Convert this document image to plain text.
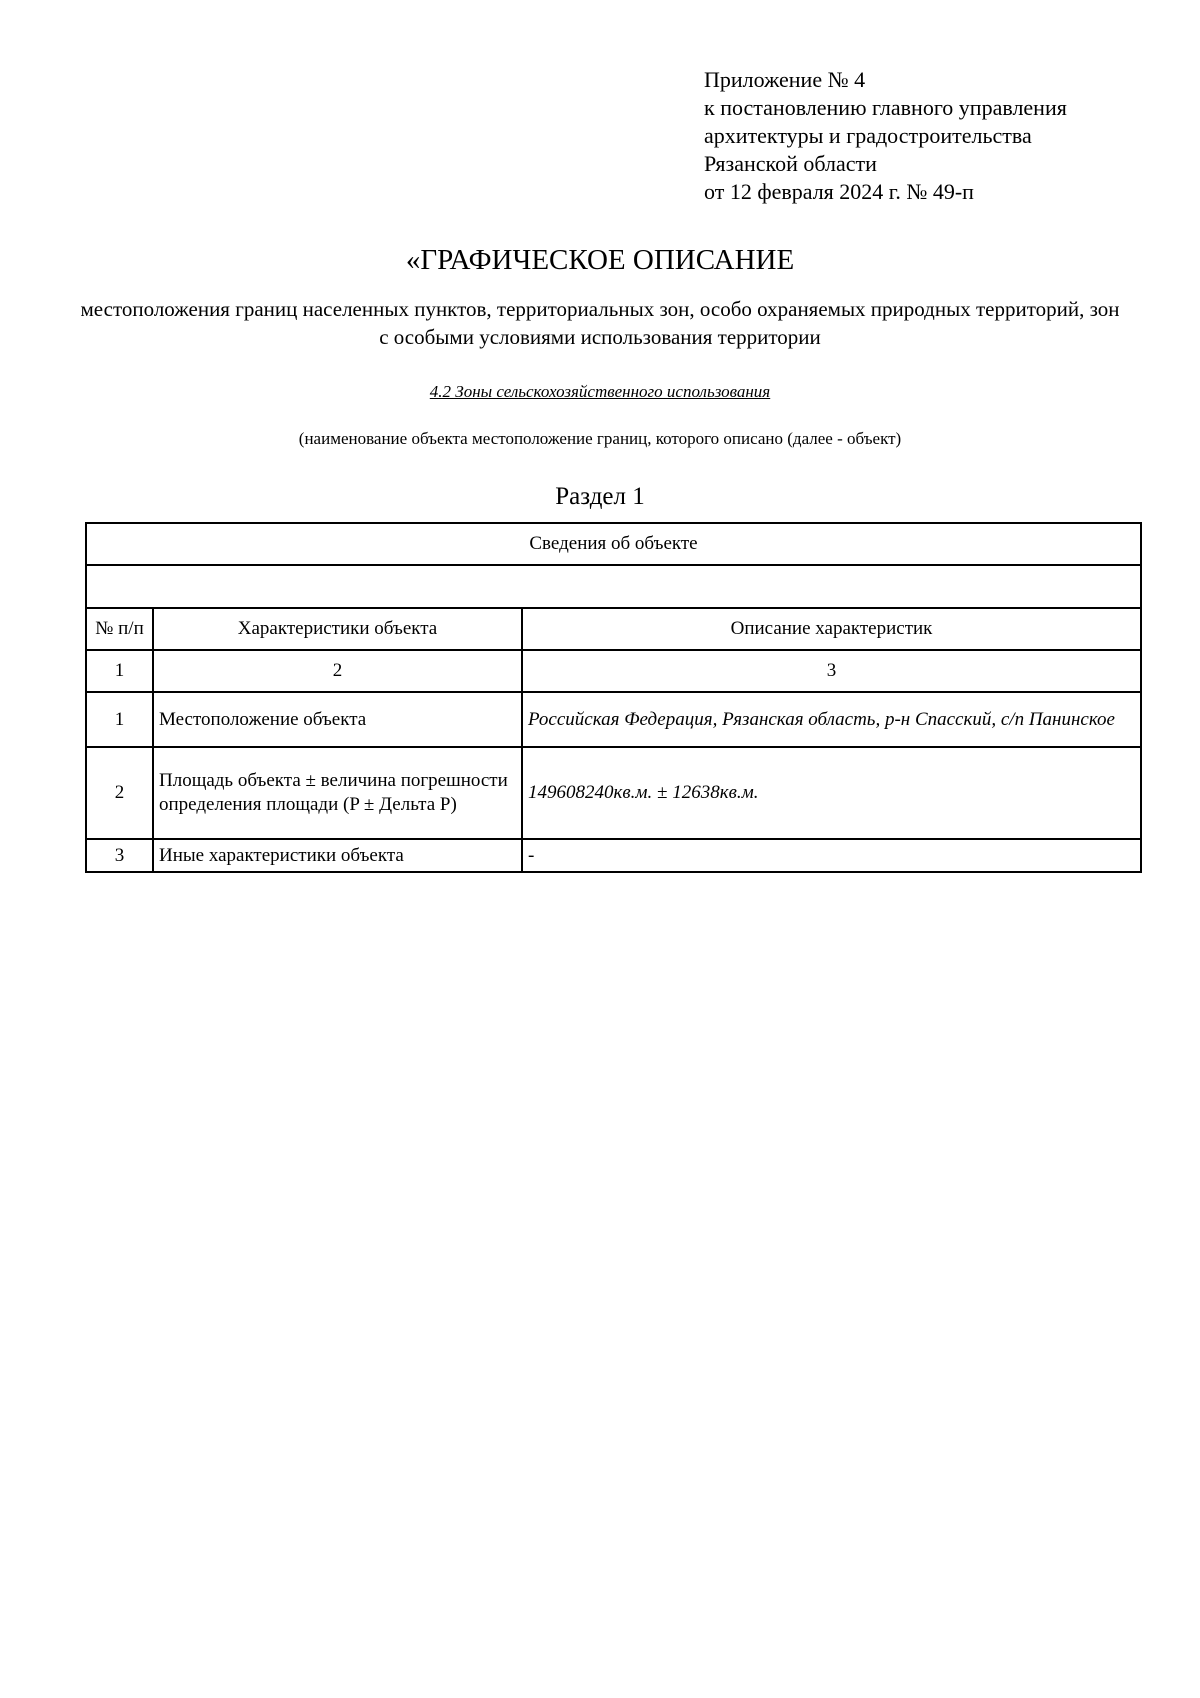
Приложение № 4
к постановлению главного управления
архитектуры и градостроительства
Рязанской области
от 12 февраля 2024 г. № 49-п
«ГРАФИЧЕСКОЕ ОПИСАНИЕ
местоположения границ населенных пунктов, территориальных зон, особо охраняемых природных территорий, зон с особыми условиями использования территории
4.2 Зоны сельскохозяйственного использования
(наименование объекта местоположение границ, которого описано (далее - объект)
Раздел 1
Сведения об объекте		

№ п/п	Характеристики объекта	Описание характеристик
1	2	3
1	Местоположение объекта	Российская Федерация, Рязанская область, р-н Спасский, с/п Панинское
2	Площадь объекта ± величина погрешности определения площади (P ± Дельта P)	149608240кв.м. ± 12638кв.м.
3	Иные характеристики объекта	-
